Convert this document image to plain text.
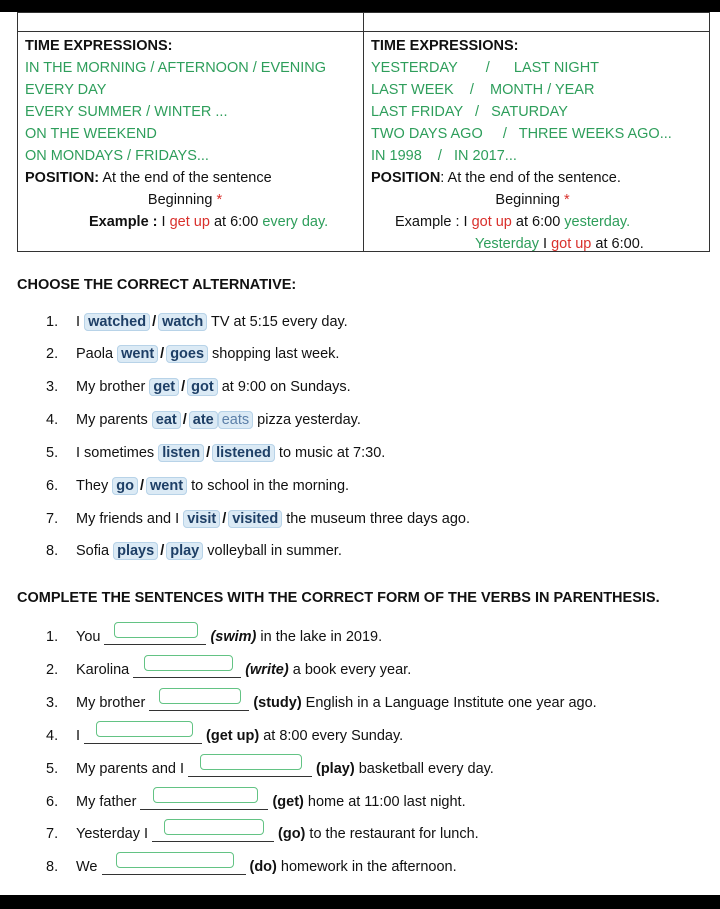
TIME EXPRESSIONS:
IN THE MORNING / AFTERNOON / EVENING
EVERY DAY
EVERY SUMMER / WINTER ...
ON THE WEEKEND
ON MONDAYS / FRIDAYS...
POSITION: At the end of the sentence
Beginning *
Example : I get up at 6:00 every day.
TIME EXPRESSIONS:
YESTERDAY       /      LAST NIGHT
LAST WEEK    /    MONTH / YEAR
LAST FRIDAY   /   SATURDAY
TWO DAYS AGO     /   THREE WEEKS AGO...
IN 1998    /   IN 2017...
POSITION: At the end of the sentence.
Beginning *
Example : I got up at 6:00 yesterday.
Yesterday I got up at 6:00.
CHOOSE THE CORRECT ALTERNATIVE:
1. I watched / watch TV at 5:15 every day.
2. Paola went / goes shopping last week.
3. My brother get / got at 9:00 on Sundays.
4. My parents eat / ate eats pizza yesterday.
5. I sometimes listen / listened to music at 7:30.
6. They go / went to school in the morning.
7. My friends and I visit / visited the museum three days ago.
8. Sofia plays / play volleyball in summer.
COMPLETE THE SENTENCES WITH THE CORRECT FORM OF THE VERBS IN PARENTHESIS.
1. You	(swim) in the lake in 2019.
2. Karolina	(write) a book every year.
3. My brother	(study) English in a Language Institute one year ago.
4. I	(get up) at 8:00 every Sunday.
5. My parents and I	(play) basketball every day.
6. My father	(get) home at 11:00 last night.
7. Yesterday I	(go) to the restaurant for lunch.
8. We	(do) homework in the afternoon.
